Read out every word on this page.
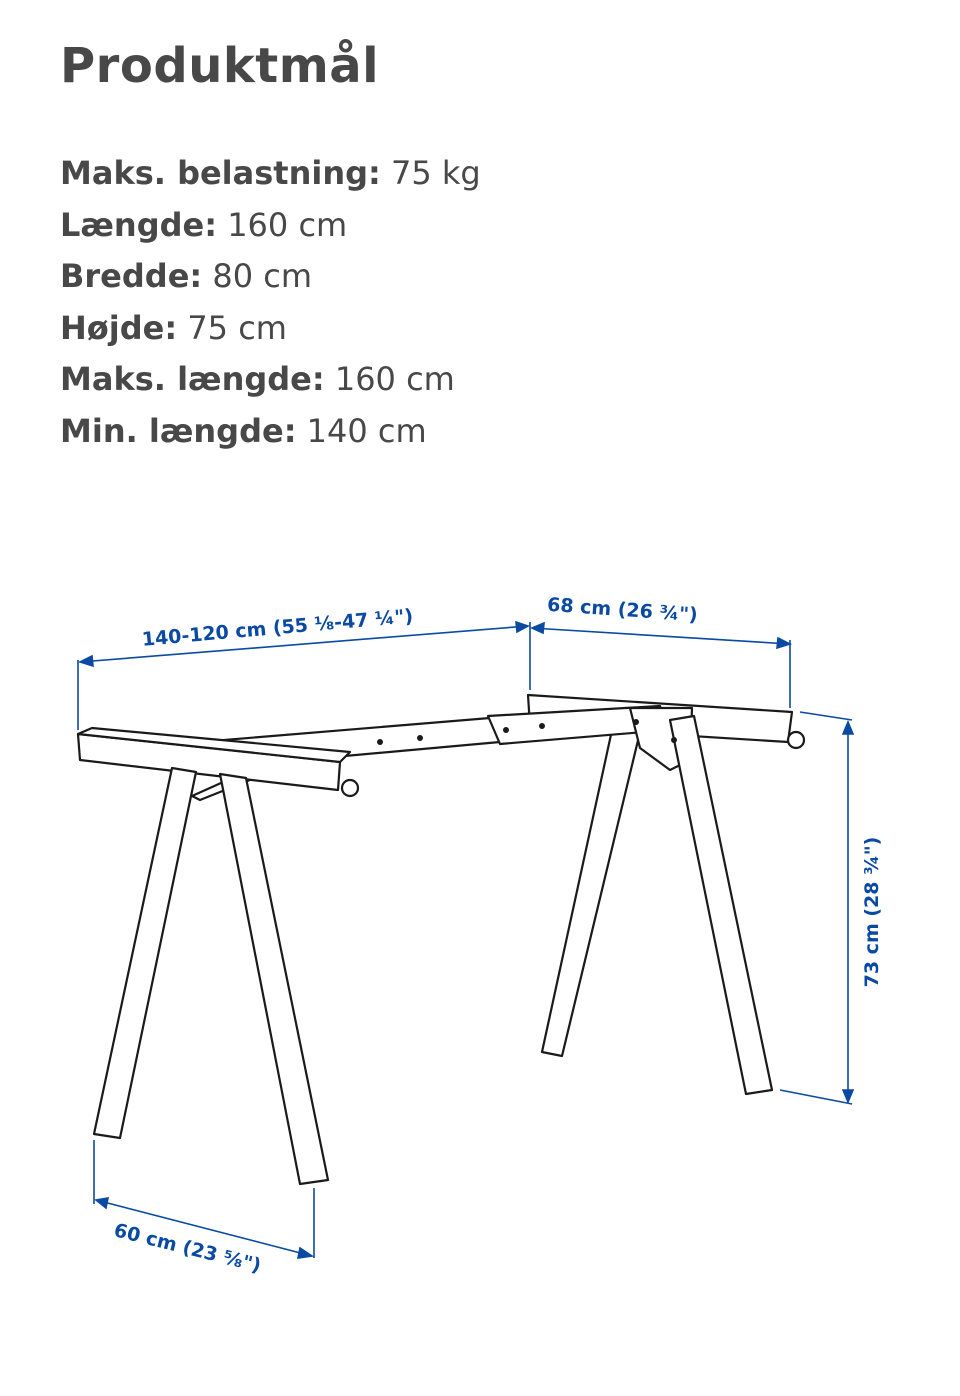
Produktmål
Maks. belastning: 75 kg
Længde: 160 cm
Bredde: 80 cm
Højde: 75 cm
Maks. længde: 160 cm
Min. længde: 140 cm
140-120 cm (55 ⅛-47 ¼")	68 cm (26 ¾")
73 cm (28 ¾")
60 cm (23 ⅝")
